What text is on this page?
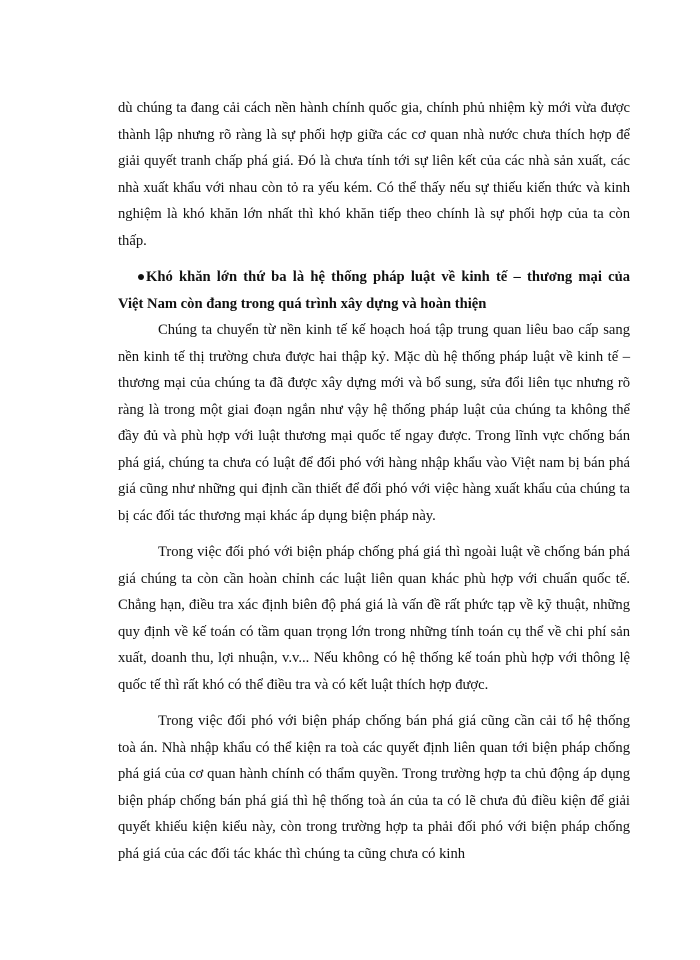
dù chúng ta đang cải cách nền hành chính quốc gia, chính phủ nhiệm kỳ mới vừa được thành lập nhưng rõ ràng là sự phối hợp giữa các cơ quan nhà nước chưa thích hợp để giải quyết tranh chấp phá giá. Đó là chưa tính tới sự liên kết của các nhà sản xuất, các nhà xuất khẩu với nhau còn tỏ ra yếu kém. Có thể thấy nếu sự thiếu kiến thức và kinh nghiệm là khó khăn lớn nhất thì khó khăn tiếp theo chính là sự phối hợp của ta còn thấp.

Khó khăn lớn thứ ba là hệ thống pháp luật về kinh tế – thương mại của
Việt Nam còn đang trong quá trình xây dựng và hoàn thiện

Chúng ta chuyển từ nền kinh tế kế hoạch hoá tập trung quan liêu bao cấp sang nền kinh tế thị trường chưa được hai thập kỷ. Mặc dù hệ thống pháp luật về kinh tế – thương mại của chúng ta đã được xây dựng mới và bổ sung, sửa đổi liên tục nhưng rõ ràng là trong một giai đoạn ngắn như vậy hệ thống pháp luật của chúng ta không thể đầy đủ và phù hợp với luật thương mại quốc tế ngay được. Trong lĩnh vực chống bán phá giá, chúng ta chưa có luật để đối phó với hàng nhập khẩu vào Việt nam bị bán phá giá cũng như những qui định cần thiết để đối phó với việc hàng xuất khẩu của chúng ta bị các đối tác thương mại khác áp dụng biện pháp này.

Trong việc đối phó với biện pháp chống phá giá thì ngoài luật về chống bán phá giá chúng ta còn cần hoàn chỉnh các luật liên quan khác phù hợp với chuẩn quốc tế. Chẳng hạn, điều tra xác định biên độ phá giá là vấn đề rất phức tạp về kỹ thuật, những quy định về kế toán có tầm quan trọng lớn trong những tính toán cụ thể về chi phí sản xuất, doanh thu, lợi nhuận, v.v... Nếu không có hệ thống kế toán phù hợp với thông lệ quốc tế thì rất khó có thể điều tra và có kết luật thích hợp được.

Trong việc đối phó với biện pháp chống bán phá giá cũng cần cải tổ hệ thống toà án. Nhà nhập khẩu có thể kiện ra toà các quyết định liên quan tới biện pháp chống phá giá của cơ quan hành chính có thẩm quyền. Trong trường hợp ta chủ động áp dụng biện pháp chống bán phá giá thì hệ thống toà án của ta có lẽ chưa đủ điều kiện để giải quyết khiếu kiện kiểu này, còn trong trường hợp ta phải đối phó với biện pháp chống phá giá của các đối tác khác thì chúng ta cũng chưa có kinh
